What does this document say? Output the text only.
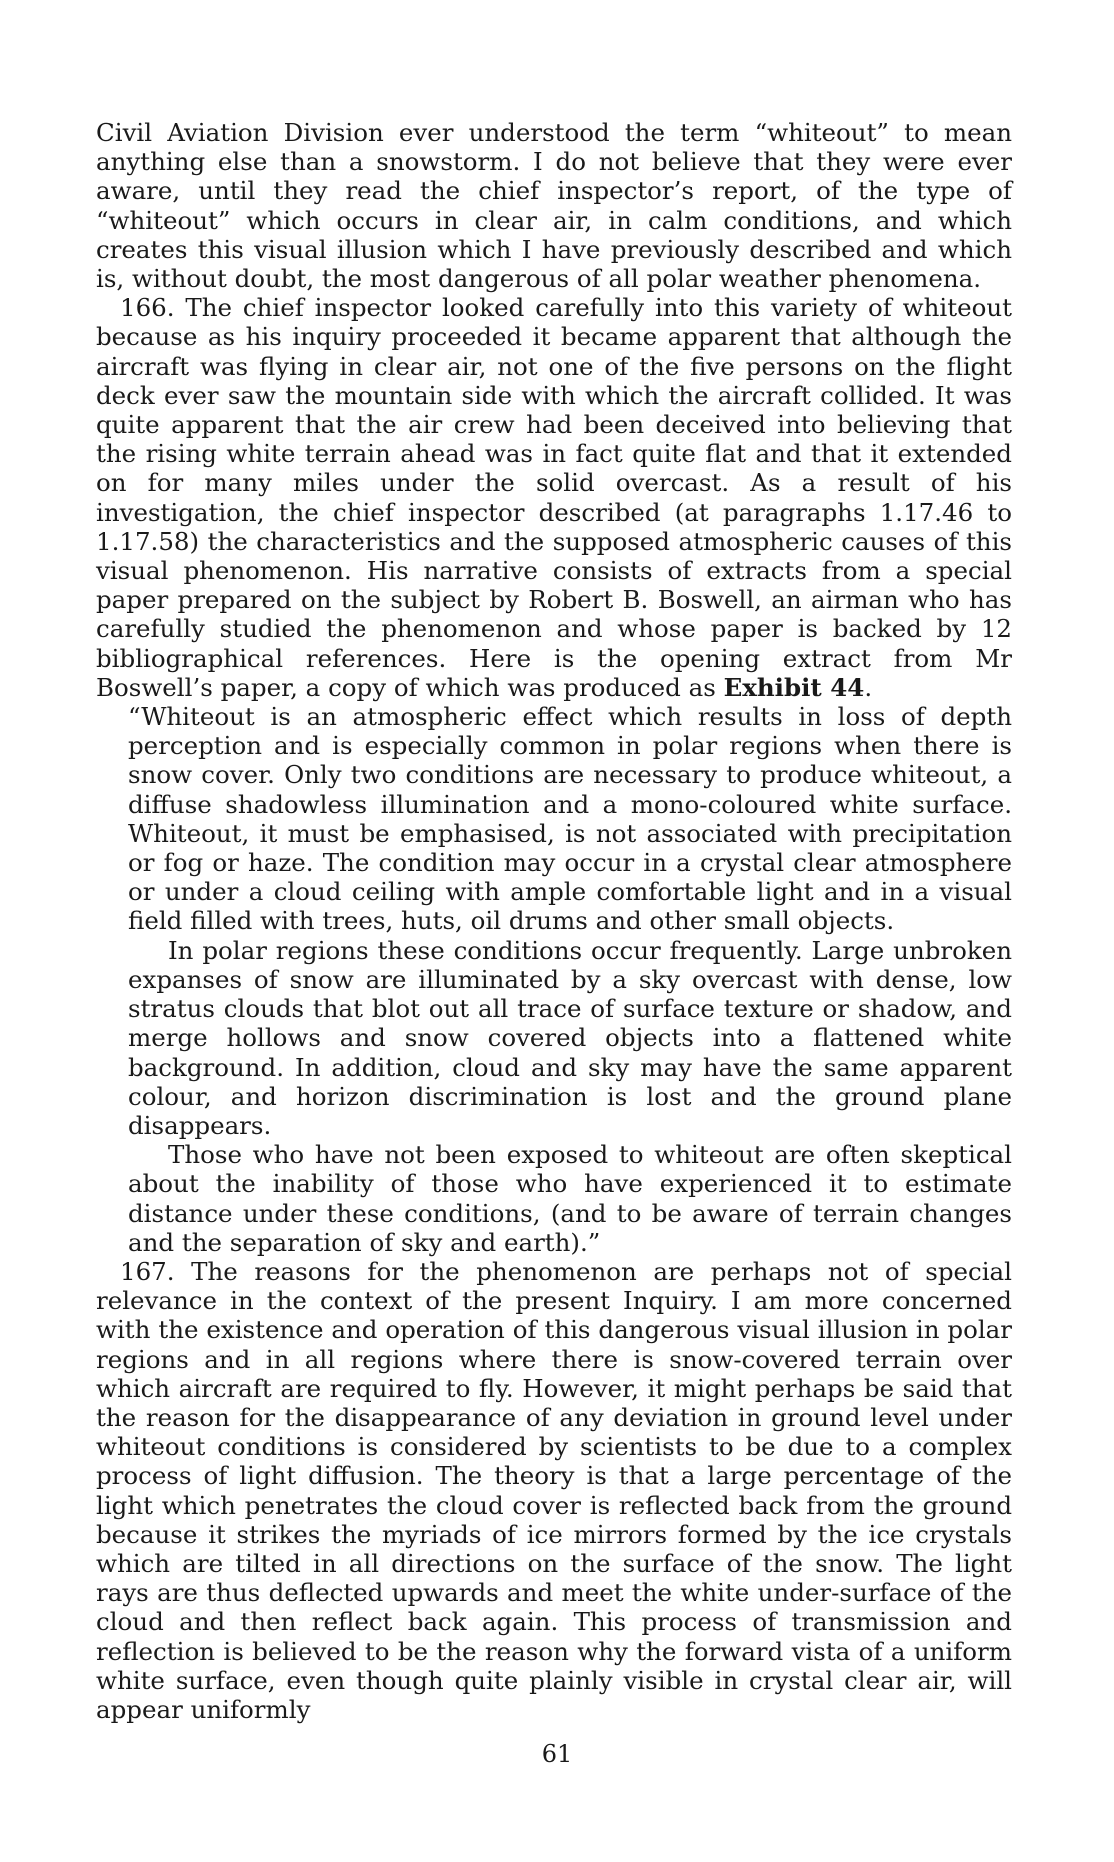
Civil Aviation Division ever understood the term “whiteout” to mean anything else than a snowstorm. I do not believe that they were ever aware, until they read the chief inspector’s report, of the type of “whiteout” which occurs in clear air, in calm conditions, and which creates this visual illusion which I have previously described and which is, without doubt, the most dangerous of all polar weather phenomena.

166. The chief inspector looked carefully into this variety of whiteout because as his inquiry proceeded it became apparent that although the aircraft was flying in clear air, not one of the five persons on the flight deck ever saw the mountain side with which the aircraft collided. It was quite apparent that the air crew had been deceived into believing that the rising white terrain ahead was in fact quite flat and that it extended on for many miles under the solid overcast. As a result of his investigation, the chief inspector described (at paragraphs 1.17.46 to 1.17.58) the characteristics and the supposed atmospheric causes of this visual phenomenon. His narrative consists of extracts from a special paper prepared on the subject by Robert B. Boswell, an airman who has carefully studied the phenomenon and whose paper is backed by 12 bibliographical references. Here is the opening extract from Mr Boswell’s paper, a copy of which was produced as Exhibit 44.

“Whiteout is an atmospheric effect which results in loss of depth perception and is especially common in polar regions when there is snow cover. Only two conditions are necessary to produce whiteout, a diffuse shadowless illumination and a mono-coloured white surface. Whiteout, it must be emphasised, is not associated with precipitation or fog or haze. The condition may occur in a crystal clear atmosphere or under a cloud ceiling with ample comfortable light and in a visual field filled with trees, huts, oil drums and other small objects.

In polar regions these conditions occur frequently. Large unbroken expanses of snow are illuminated by a sky overcast with dense, low stratus clouds that blot out all trace of surface texture or shadow, and merge hollows and snow covered objects into a flattened white background. In addition, cloud and sky may have the same apparent colour, and horizon discrimination is lost and the ground plane disappears.

Those who have not been exposed to whiteout are often skeptical about the inability of those who have experienced it to estimate distance under these conditions, (and to be aware of terrain changes and the separation of sky and earth).”

167. The reasons for the phenomenon are perhaps not of special relevance in the context of the present Inquiry. I am more concerned with the existence and operation of this dangerous visual illusion in polar regions and in all regions where there is snow-covered terrain over which aircraft are required to fly. However, it might perhaps be said that the reason for the disappearance of any deviation in ground level under whiteout conditions is considered by scientists to be due to a complex process of light diffusion. The theory is that a large percentage of the light which penetrates the cloud cover is reflected back from the ground because it strikes the myriads of ice mirrors formed by the ice crystals which are tilted in all directions on the surface of the snow. The light rays are thus deflected upwards and meet the white under-surface of the cloud and then reflect back again. This process of transmission and reflection is believed to be the reason why the forward vista of a uniform white surface, even though quite plainly visible in crystal clear air, will appear uniformly

61
